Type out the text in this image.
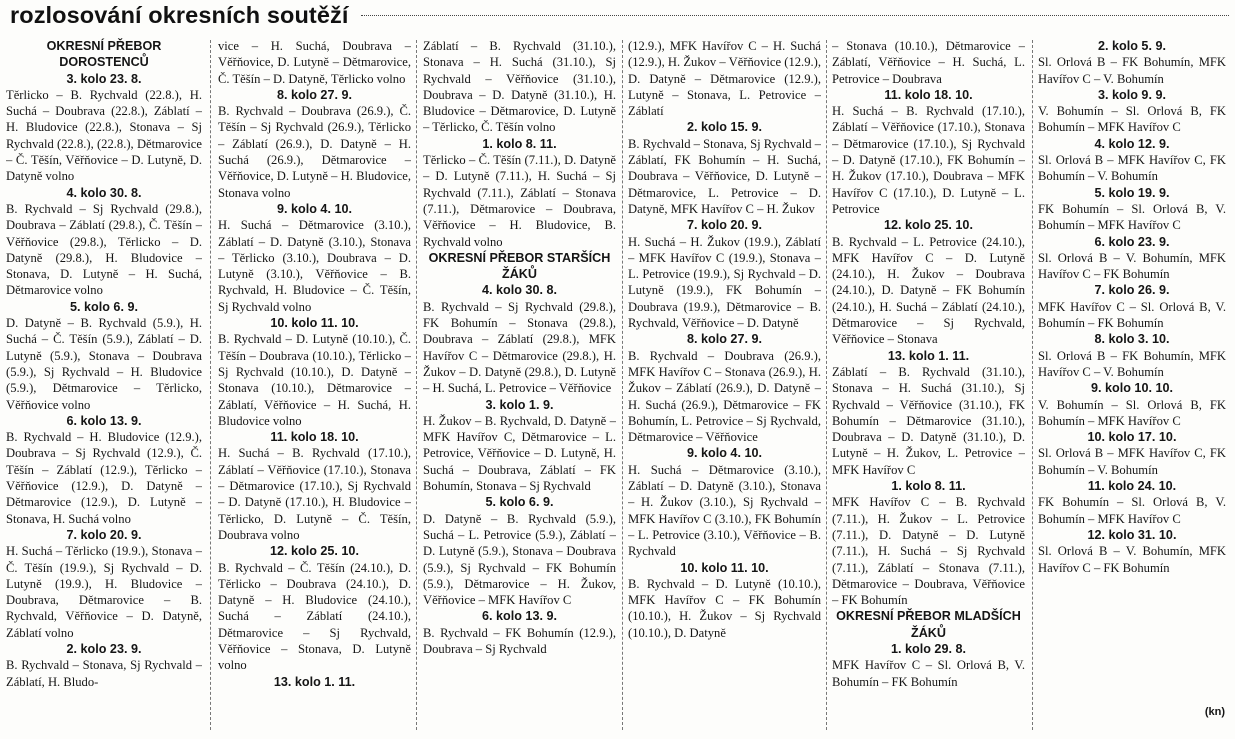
rozlosování okresních soutěží
OKRESNÍ PŘEBOR DOROSTENCŮ
3. kolo 23. 8.
Těrlicko – B. Rychvald (22.8.), H. Suchá – Doubrava (22.8.), Záblatí – H. Bludovice (22.8.), Stonava – Sj Rychvald (22.8.), (22.8.), Dětmarovice – Č. Těšín, Věřňovice – D. Lutyně, D. Datyně volno
4. kolo 30. 8.
B. Rychvald – Sj Rychvald (29.8.), Doubrava – Záblatí (29.8.), Č. Těšín – Věřňovice (29.8.), Těrlicko – D. Datyně (29.8.), H. Bludovice – Stonava, D. Lutyně – H. Suchá, Dětmarovice volno
5. kolo 6. 9.
D. Datyně – B. Rychvald (5.9.), H. Suchá – Č. Těšín (5.9.), Záblatí – D. Lutyně (5.9.), Stonava – Doubrava (5.9.), Sj Rychvald – H. Bludovice (5.9.), Dětmarovice – Těrlicko, Věřňovice volno
6. kolo 13. 9.
B. Rychvald – H. Bludovice (12.9.), Doubrava – Sj Rychvald (12.9.), Č. Těšín – Záblatí (12.9.), Těrlicko – Věřňovice (12.9.), D. Datyně – Dětmarovice (12.9.), D. Lutyně – Stonava, H. Suchá volno
7. kolo 20. 9.
H. Suchá – Těrlicko (19.9.), Stonava – Č. Těšín (19.9.), Sj Rychvald – D. Lutyně (19.9.), H. Bludovice – Doubrava, Dětmarovice – B. Rychvald, Věřňovice – D. Datyně, Záblatí volno
2. kolo 23. 9.
B. Rychvald – Stonava, Sj Rychvald – Záblatí, H. Bludo-
vice – H. Suchá, Doubrava – Věřňovice, D. Lutyně – Dětmarovice, Č. Těšín – D. Datyně, Těrlicko volno
8. kolo 27. 9.
B. Rychvald – Doubrava (26.9.), Č. Těšín – Sj Rychvald (26.9.), Těrlicko – Záblatí (26.9.), D. Datyně – H. Suchá (26.9.), Dětmarovice – Věřňovice, D. Lutyně – H. Bludovice, Stonava volno
9. kolo 4. 10.
H. Suchá – Dětmarovice (3.10.), Záblatí – D. Datyně (3.10.), Stonava – Těrlicko (3.10.), Doubrava – D. Lutyně (3.10.), Věřňovice – B. Rychvald, H. Bludovice – Č. Těšín, Sj Rychvald volno
10. kolo 11. 10.
B. Rychvald – D. Lutyně (10.10.), Č. Těšín – Doubrava (10.10.), Těrlicko – Sj Rychvald (10.10.), D. Datyně – Stonava (10.10.), Dětmarovice – Záblatí, Věřňovice – H. Suchá, H. Bludovice volno
11. kolo 18. 10.
H. Suchá – B. Rychvald (17.10.), Záblatí – Věřňovice (17.10.), Stonava – Dětmarovice (17.10.), Sj Rychvald – D. Datyně (17.10.), H. Bludovice – Těrlicko, D. Lutyně – Č. Těšín, Doubrava volno
12. kolo 25. 10.
B. Rychvald – Č. Těšín (24.10.), D. Těrlicko – Doubrava (24.10.), D. Datyně – H. Bludovice (24.10.), Suchá – Záblatí (24.10.), Dětmarovice – Sj Rychvald, Věřňovice – Stonava, D. Lutyně volno
13. kolo 1. 11.
Záblatí – B. Rychvald (31.10.), Stonava – H. Suchá (31.10.), Sj Rychvald – Věřňovice (31.10.), Doubrava – D. Datyně (31.10.), H. Bludovice – Dětmarovice, D. Lutyně – Těrlicko, Č. Těšín volno
1. kolo 8. 11.
Těrlicko – Č. Těšín (7.11.), D. Datyně – D. Lutyně (7.11.), H. Suchá – Sj Rychvald (7.11.), Záblatí – Stonava (7.11.), Dětmarovice – Doubrava, Věřňovice – H. Bludovice, B. Rychvald volno
OKRESNÍ PŘEBOR STARŠÍCH ŽÁKŮ
4. kolo 30. 8.
B. Rychvald – Sj Rychvald (29.8.), FK Bohumín – Stonava (29.8.), Doubrava – Záblatí (29.8.), MFK Havířov C – Dětmarovice (29.8.), H. Žukov – D. Datyně (29.8.), D. Lutyně – H. Suchá, L. Petrovice – Věřňovice
3. kolo 1. 9.
H. Žukov – B. Rychvald, D. Datyně – MFK Havířov C, Dětmarovice – L. Petrovice, Věřňovice – D. Lutyně, H. Suchá – Doubrava, Záblatí – FK Bohumín, Stonava – Sj Rychvald
5. kolo 6. 9.
D. Datyně – B. Rychvald (5.9.), Suchá – L. Petrovice (5.9.), Záblatí – D. Lutyně (5.9.), Stonava – Doubrava (5.9.), Sj Rychvald – FK Bohumín (5.9.), Dětmarovice – H. Žukov, Věřňovice – MFK Havířov C
6. kolo 13. 9.
B. Rychvald – FK Bohumín (12.9.), Doubrava – Sj Rychvald
(12.9.), MFK Havířov C – H. Suchá (12.9.), H. Žukov – Věřňovice (12.9.), D. Datyně – Dětmarovice (12.9.), Lutyně – Stonava, L. Petrovice – Záblatí
2. kolo 15. 9.
B. Rychvald – Stonava, Sj Rychvald – Záblatí, FK Bohumín – H. Suchá, Doubrava – Věřňovice, D. Lutyně – Dětmarovice, L. Petrovice – D. Datyně, MFK Havířov C – H. Žukov
7. kolo 20. 9.
H. Suchá – H. Žukov (19.9.), Záblatí – MFK Havířov C (19.9.), Stonava – L. Petrovice (19.9.), Sj Rychvald – D. Lutyně (19.9.), FK Bohumín – Doubrava (19.9.), Dětmarovice – B. Rychvald, Věřňovice – D. Datyně
8. kolo 27. 9.
B. Rychvald – Doubrava (26.9.), MFK Havířov C – Stonava (26.9.), H. Žukov – Záblatí (26.9.), D. Datyně – H. Suchá (26.9.), Dětmarovice – FK Bohumín, L. Petrovice – Sj Rychvald, Dětmarovice – Věřňovice
9. kolo 4. 10.
H. Suchá – Dětmarovice (3.10.), Záblatí – D. Datyně (3.10.), Stonava – H. Žukov (3.10.), Sj Rychvald – MFK Havířov C (3.10.), FK Bohumín – L. Petrovice (3.10.), Věřňovice – B. Rychvald
10. kolo 11. 10.
B. Rychvald – D. Lutyně (10.10.), MFK Havířov C – FK Bohumín (10.10.), H. Žukov – Sj Rychvald (10.10.), D. Datyně
– Stonava (10.10.), Dětmarovice – Záblatí, Věřňovice – H. Suchá, L. Petrovice – Doubrava
11. kolo 18. 10.
H. Suchá – B. Rychvald (17.10.), Záblatí – Věřňovice (17.10.), Stonava – Dětmarovice (17.10.), Sj Rychvald – D. Datyně (17.10.), FK Bohumín – H. Žukov (17.10.), Doubrava – MFK Havířov C (17.10.), D. Lutyně – L. Petrovice
12. kolo 25. 10.
B. Rychvald – L. Petrovice (24.10.), MFK Havířov C – D. Lutyně (24.10.), H. Žukov – Doubrava (24.10.), D. Datyně – FK Bohumín (24.10.), H. Suchá – Záblatí (24.10.), Dětmarovice – Sj Rychvald, Věřňovice – Stonava
13. kolo 1. 11.
Záblatí – B. Rychvald (31.10.), Stonava – H. Suchá (31.10.), Sj Rychvald – Věřňovice (31.10.), FK Bohumín – Dětmarovice (31.10.), Doubrava – D. Datyně (31.10.), D. Lutyně – H. Žukov, L. Petrovice – MFK Havířov C
1. kolo 8. 11.
MFK Havířov C – B. Rychvald (7.11.), H. Žukov – L. Petrovice (7.11.), D. Datyně – D. Lutyně (7.11.), H. Suchá – Sj Rychvald (7.11.), Záblatí – Stonava (7.11.), Dětmarovice – Doubrava, Věřňovice – FK Bohumín
OKRESNÍ PŘEBOR MLADŠÍCH ŽÁKŮ
1. kolo 29. 8.
MFK Havířov C – Sl. Orlová B, V. Bohumín – FK Bohumín
2. kolo 5. 9.
Sl. Orlová B – FK Bohumín, MFK Havířov C – V. Bohumín
3. kolo 9. 9.
V. Bohumín – Sl. Orlová B, FK Bohumín – MFK Havířov C
4. kolo 12. 9.
Sl. Orlová B – MFK Havířov C, FK Bohumín – V. Bohumín
5. kolo 19. 9.
FK Bohumín – Sl. Orlová B, V. Bohumín – MFK Havířov C
6. kolo 23. 9.
Sl. Orlová B – V. Bohumín, MFK Havířov C – FK Bohumín
7. kolo 26. 9.
MFK Havířov C – Sl. Orlová B, V. Bohumín – FK Bohumín
8. kolo 3. 10.
Sl. Orlová B – FK Bohumín, MFK Havířov C – V. Bohumín
9. kolo 10. 10.
V. Bohumín – Sl. Orlová B, FK Bohumín – MFK Havířov C
10. kolo 17. 10.
Sl. Orlová B – MFK Havířov C, FK Bohumín – V. Bohumín
11. kolo 24. 10.
FK Bohumín – Sl. Orlová B, V. Bohumín – MFK Havířov C
12. kolo 31. 10.
Sl. Orlová B – V. Bohumín, MFK Havířov C – FK Bohumín
(kn)
